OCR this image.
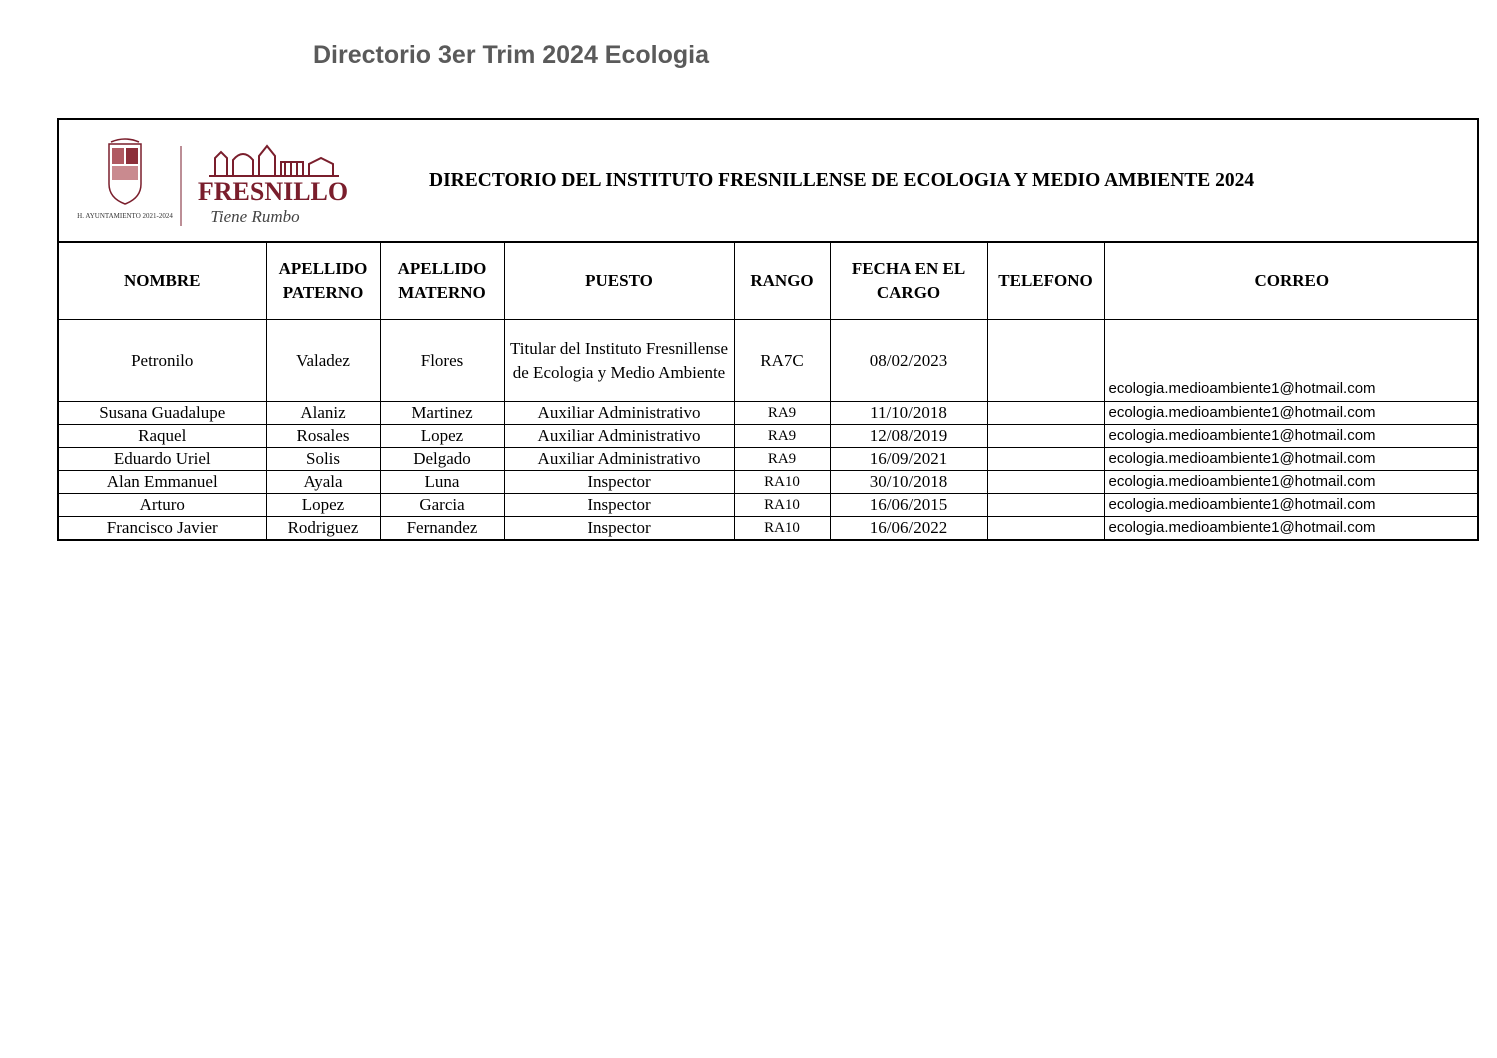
Directorio 3er Trim 2024 Ecologia
H. AYUNTAMIENTO 2021-2024
FRESNILLO
Tiene Rumbo
DIRECTORIO DEL INSTITUTO FRESNILLENSE DE ECOLOGIA Y MEDIO AMBIENTE 2024
NOMBRE	APELLIDO PATERNO	APELLIDO MATERNO	PUESTO	RANGO	FECHA EN EL CARGO	TELEFONO	CORREO
Petronilo	Valadez	Flores	Titular del Instituto Fresnillense de Ecologia y Medio Ambiente	RA7C	08/02/2023		ecologia.medioambiente1@hotmail.com
Susana Guadalupe	Alaniz	Martinez	Auxiliar Administrativo	RA9	11/10/2018		ecologia.medioambiente1@hotmail.com
Raquel	Rosales	Lopez	Auxiliar Administrativo	RA9	12/08/2019		ecologia.medioambiente1@hotmail.com
Eduardo Uriel	Solis	Delgado	Auxiliar Administrativo	RA9	16/09/2021		ecologia.medioambiente1@hotmail.com
Alan Emmanuel	Ayala	Luna	Inspector	RA10	30/10/2018		ecologia.medioambiente1@hotmail.com
Arturo	Lopez	Garcia	Inspector	RA10	16/06/2015		ecologia.medioambiente1@hotmail.com
Francisco Javier	Rodriguez	Fernandez	Inspector	RA10	16/06/2022		ecologia.medioambiente1@hotmail.com
